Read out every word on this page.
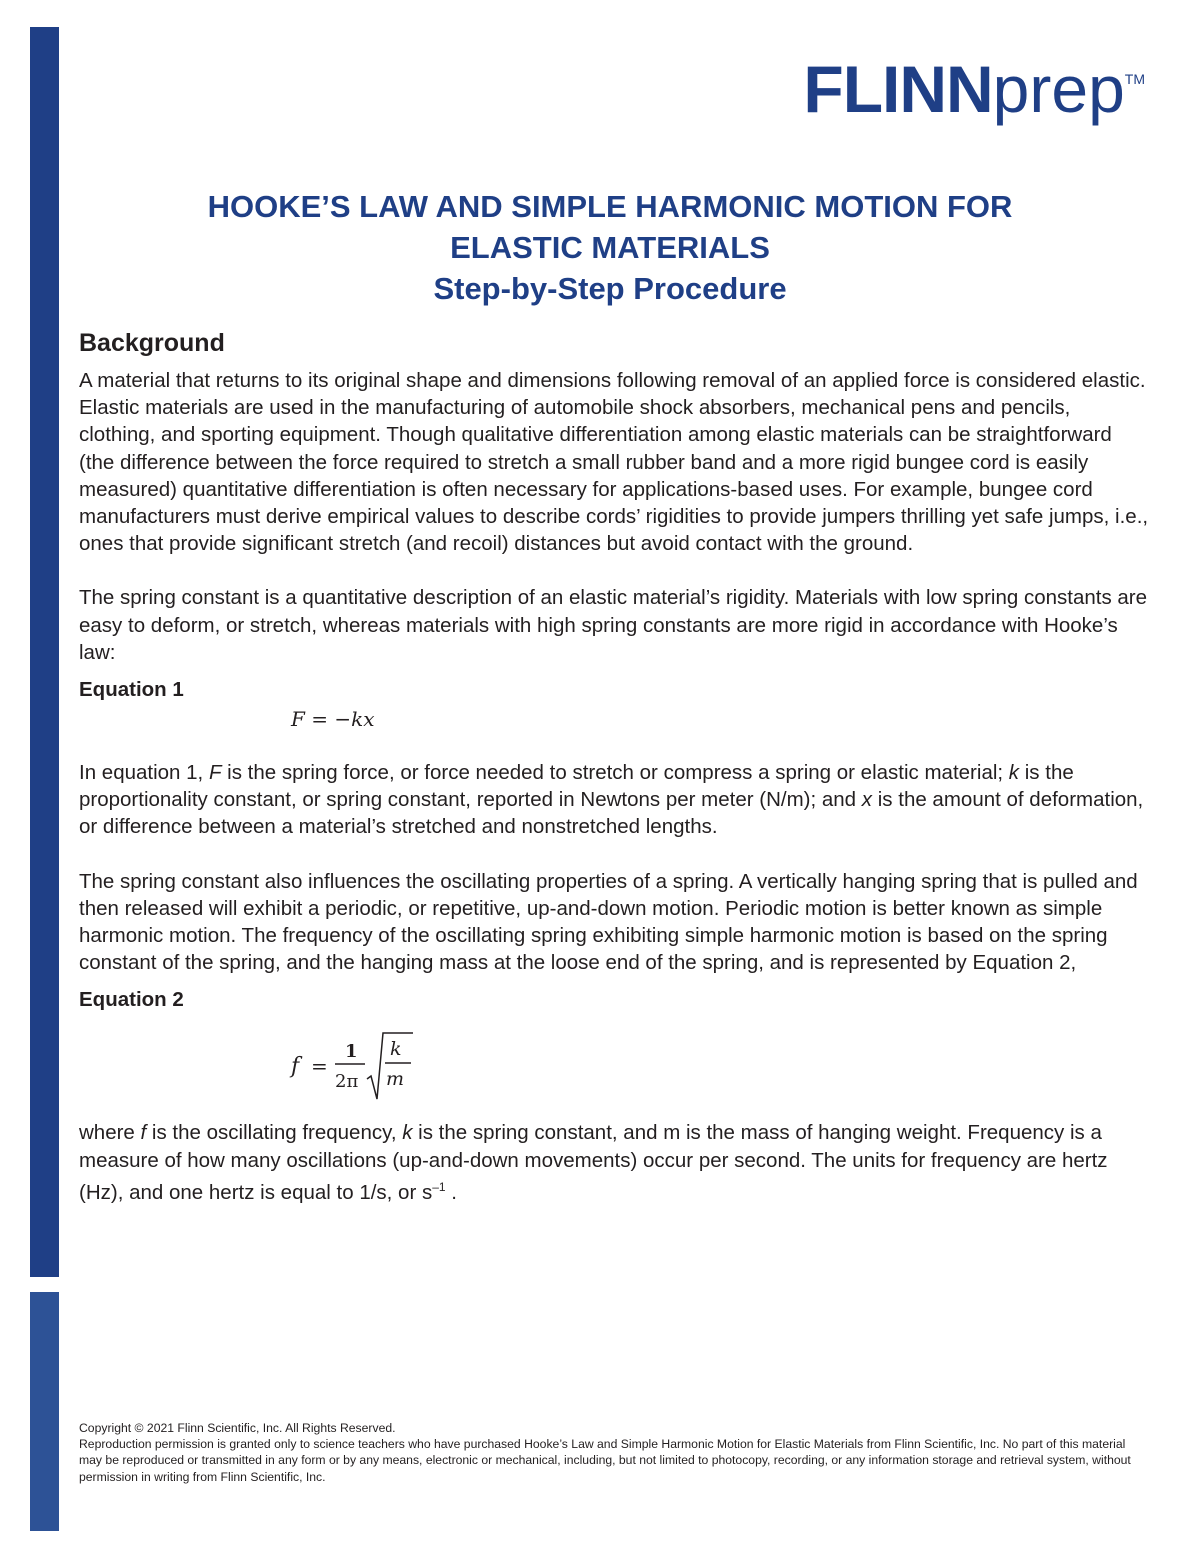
FLINNprepTM
HOOKE’S LAW AND SIMPLE HARMONIC MOTION FOR
ELASTIC MATERIALS
Step-by-Step Procedure
Background

A material that returns to its original shape and dimensions following removal of an applied force is considered elastic. Elastic materials are used in the manufacturing of automobile shock absorbers, mechanical pens and pencils, clothing, and sporting equipment. Though qualitative differentiation among elastic materials can be straightforward (the difference between the force required to stretch a small rubber band and a more rigid bungee cord is easily measured) quantitative differentiation is often necessary for applications-based uses. For example, bungee cord manufacturers must derive empirical values to describe cords’ rigidities to provide jumpers thrilling yet safe jumps, i.e., ones that provide significant stretch (and recoil) distances but avoid contact with the ground.

The spring constant is a quantitative description of an elastic material’s rigidity. Materials with low spring constants are easy to deform, or stretch, whereas materials with high spring constants are more rigid in accordance with Hooke’s law:

Equation 1
F = −kx

In equation 1, F is the spring force, or force needed to stretch or compress a spring or elastic material; k is the proportionality constant, or spring constant, reported in Newtons per meter (N/m); and x is the amount of deformation, or difference between a material’s stretched and nonstretched lengths.

The spring constant also influences the oscillating properties of a spring. A vertically hanging spring that is pulled and then released will exhibit a periodic, or repetitive, up-and-down motion. Periodic motion is better known as simple harmonic motion. The frequency of the oscillating spring exhibiting simple harmonic motion is based on the spring constant of the spring, and the hanging mass at the loose end of the spring, and is represented by Equation 2,

Equation 2
f =
1
2π
k
m

where f is the oscillating frequency, k is the spring constant, and m is the mass of hanging weight. Frequency is a measure of how many oscillations (up-and-down movements) occur per second. The units for frequency are hertz (Hz), and one hertz is equal to 1/s, or $s^{-1}$ .

Copyright © 2021 Flinn Scientific, Inc. All Rights Reserved.
Reproduction permission is granted only to science teachers who have purchased Hooke’s Law and Simple Harmonic Motion for Elastic Materials from Flinn Scientific, Inc. No part of this material may be reproduced or transmitted in any form or by any means, electronic or mechanical, including, but not limited to photocopy, recording, or any information storage and retrieval system, without permission in writing from Flinn Scientific, Inc.
